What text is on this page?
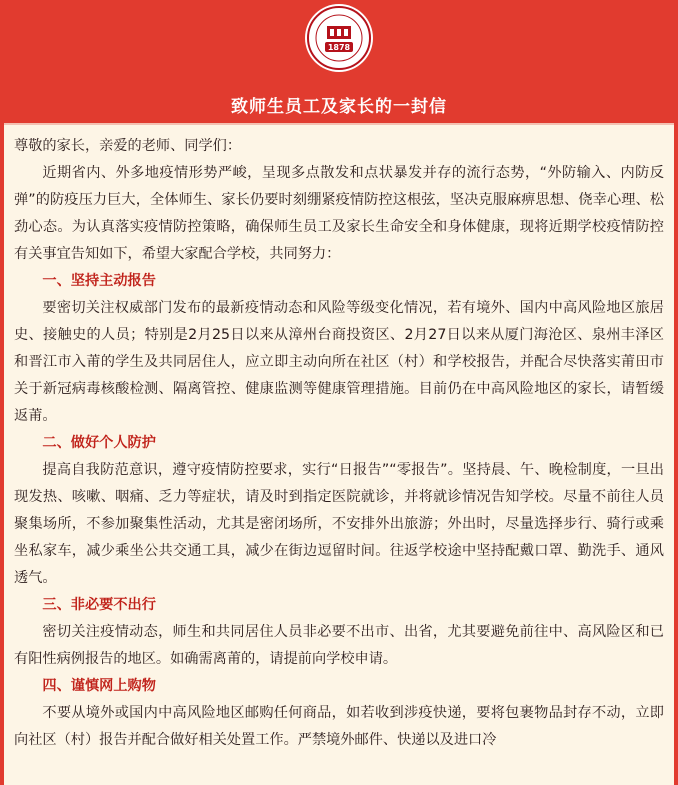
1878
致师生员工及家长的一封信

尊敬的家长，亲爱的老师、同学们：

近期省内、外多地疫情形势严峻，呈现多点散发和点状暴发并存的流行态势，“外防输入、内防反弹”的防疫压力巨大，全体师生、家长仍要时刻绷紧疫情防控这根弦，坚决克服麻痹思想、侥幸心理、松劲心态。为认真落实疫情防控策略，确保师生员工及家长生命安全和身体健康，现将近期学校疫情防控有关事宜告知如下，希望大家配合学校，共同努力：

一、坚持主动报告

要密切关注权威部门发布的最新疫情动态和风险等级变化情况，若有境外、国内中高风险地区旅居史、接触史的人员；特别是2月25日以来从漳州台商投资区、2月27日以来从厦门海沧区、泉州丰泽区和晋江市入莆的学生及共同居住人，应立即主动向所在社区（村）和学校报告，并配合尽快落实莆田市关于新冠病毒核酸检测、隔离管控、健康监测等健康管理措施。目前仍在中高风险地区的家长，请暂缓返莆。

二、做好个人防护

提高自我防范意识，遵守疫情防控要求，实行“日报告”“零报告”。坚持晨、午、晚检制度，一旦出现发热、咳嗽、咽痛、乏力等症状，请及时到指定医院就诊，并将就诊情况告知学校。尽量不前往人员聚集场所，不参加聚集性活动，尤其是密闭场所，不安排外出旅游；外出时，尽量选择步行、骑行或乘坐私家车，减少乘坐公共交通工具，减少在街边逗留时间。往返学校途中坚持配戴口罩、勤洗手、通风透气。

三、非必要不出行

密切关注疫情动态，师生和共同居住人员非必要不出市、出省，尤其要避免前往中、高风险区和已有阳性病例报告的地区。如确需离莆的，请提前向学校申请。

四、谨慎网上购物

不要从境外或国内中高风险地区邮购任何商品，如若收到涉疫快递，要将包裹物品封存不动，立即向社区（村）报告并配合做好相关处置工作。严禁境外邮件、快递以及进口冷
